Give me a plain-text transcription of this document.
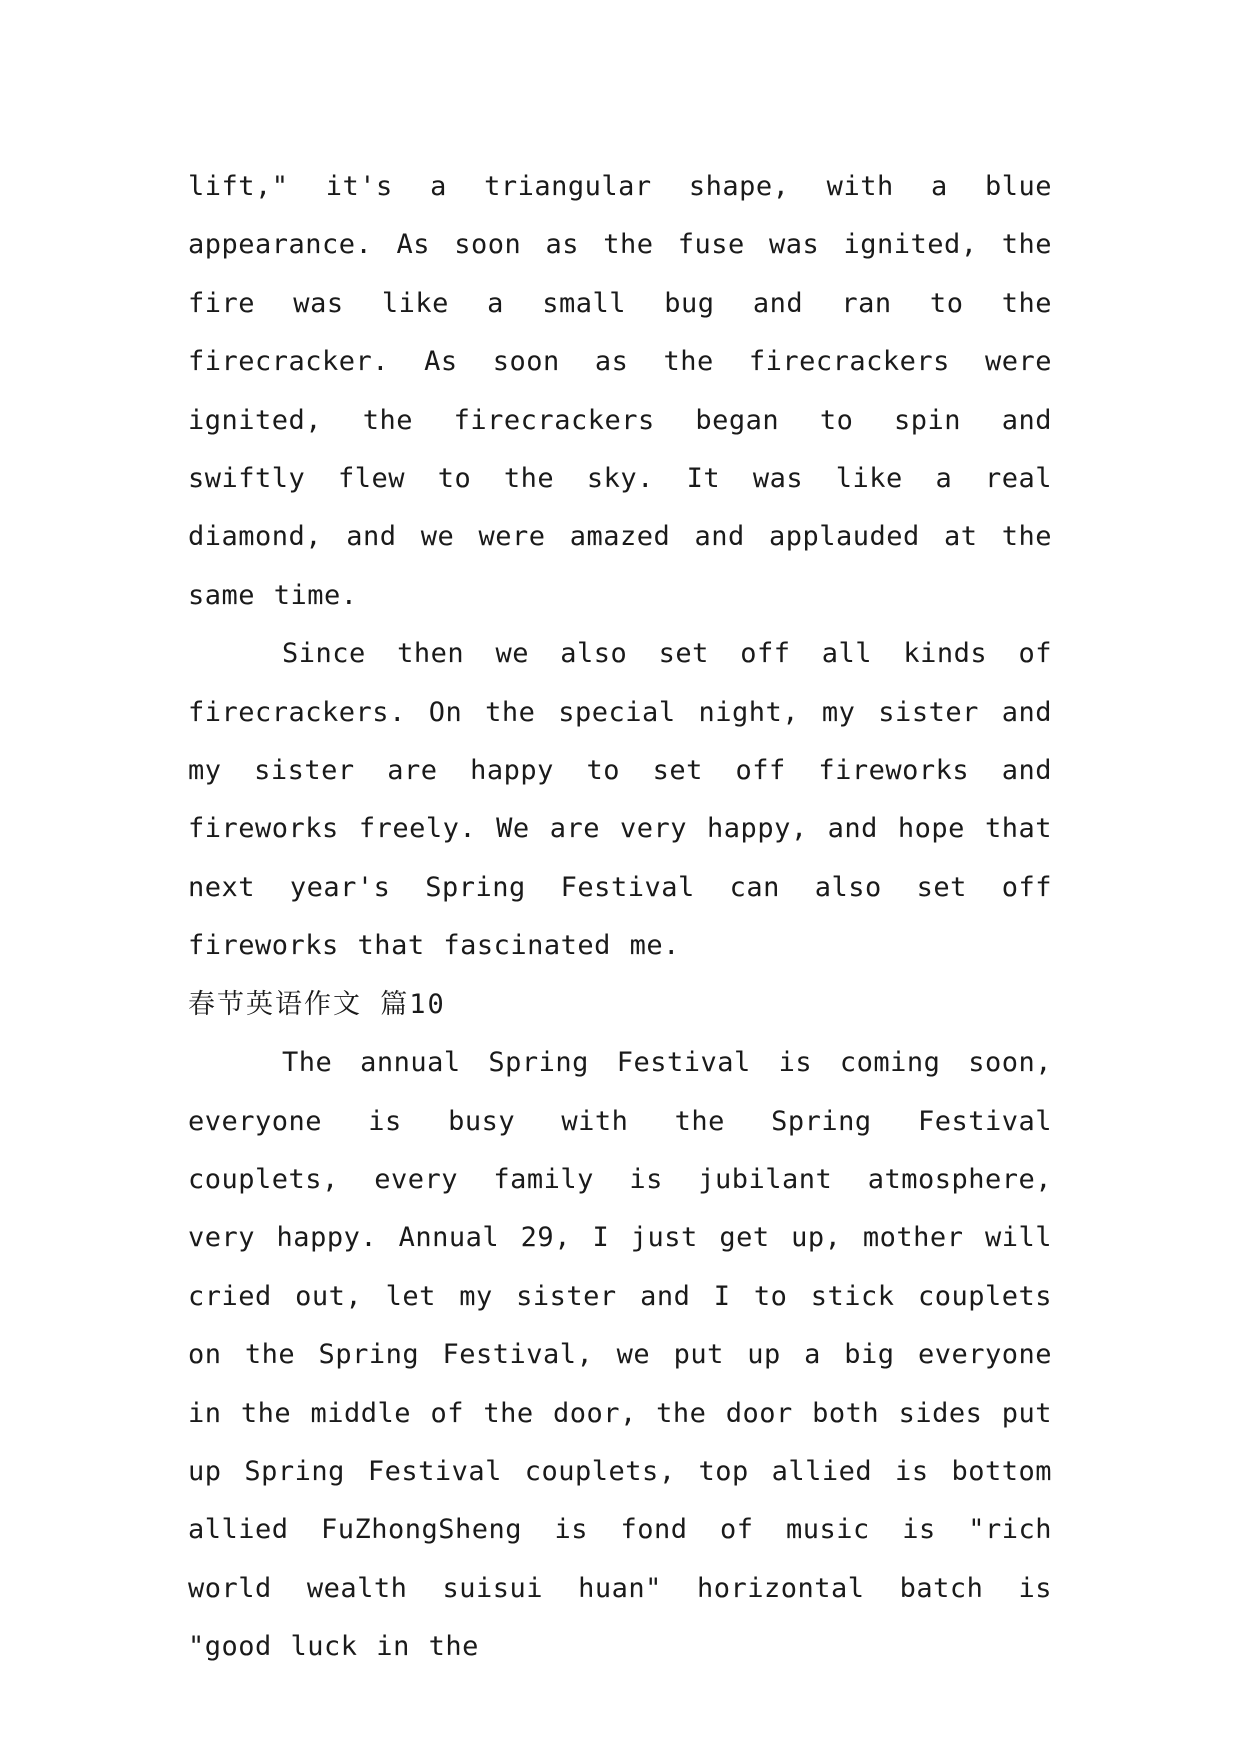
lift," it's a triangular shape, with a blue appearance. As soon as the fuse was ignited, the fire was like a small bug and ran to the firecracker. As soon as the firecrackers were ignited, the firecrackers began to spin and swiftly flew to the sky. It was like a real diamond, and we were amazed and applauded at the same time.

Since then we also set off all kinds of firecrackers. On the special night, my sister and my sister are happy to set off fireworks and fireworks freely. We are very happy, and hope that next year's Spring Festival can also set off fireworks that fascinated me.

春节英语作文 篇10

The annual Spring Festival is coming soon, everyone is busy with the Spring Festival couplets, every family is jubilant atmosphere, very happy. Annual 29, I just get up, mother will cried out, let my sister and I to stick couplets on the Spring Festival, we put up a big everyone in the middle of the door, the door both sides put up Spring Festival couplets, top allied is bottom allied FuZhongSheng is fond of music is "rich world wealth suisui huan" horizontal batch is "good luck in the
